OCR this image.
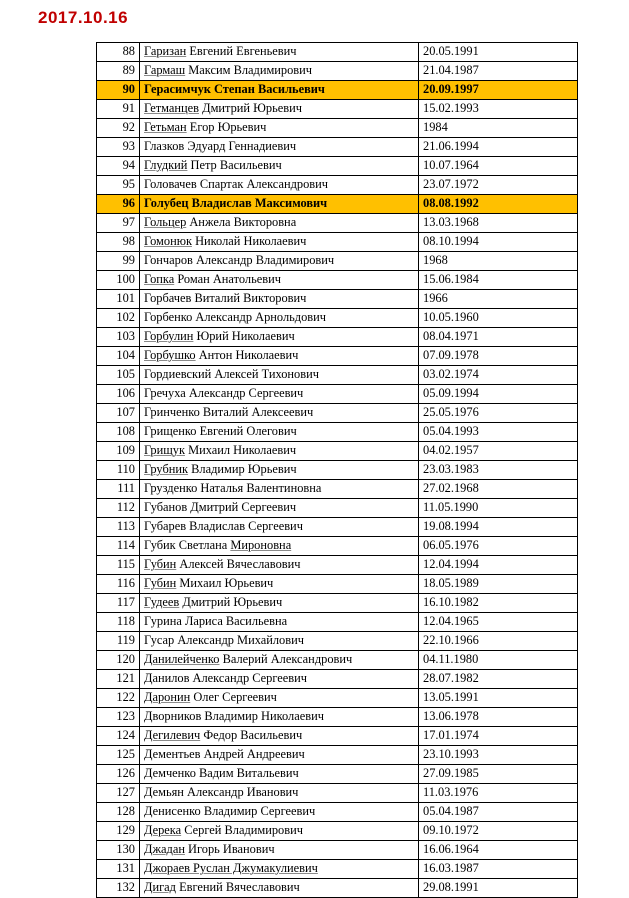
2017.10.16
88	Гаризан Евгений Евгеньевич	20.05.1991
89	Гармаш Максим Владимирович	21.04.1987
90	Герасимчук Степан Васильевич	20.09.1997
91	Гетманцев Дмитрий Юрьевич	15.02.1993
92	Гетьман Егор Юрьевич	1984
93	Глазков Эдуард Геннадиевич	21.06.1994
94	Глудкий Петр Васильевич	10.07.1964
95	Головачев Спартак Александрович	23.07.1972
96	Голубец Владислав Максимович	08.08.1992
97	Гольцер Анжела Викторовна	13.03.1968
98	Гомонюк Николай Николаевич	08.10.1994
99	Гончаров Александр Владимирович	1968
100	Гопка Роман Анатольевич	15.06.1984
101	Горбачев Виталий Викторович	1966
102	Горбенко Александр Арнольдович	10.05.1960
103	Горбулин Юрий Николаевич	08.04.1971
104	Горбушко Антон Николаевич	07.09.1978
105	Гордиевский Алексей Тихонович	03.02.1974
106	Гречуха Александр Сергеевич	05.09.1994
107	Гринченко Виталий Алексеевич	25.05.1976
108	Грищенко Евгений Олегович	05.04.1993
109	Грищук Михаил Николаевич	04.02.1957
110	Грубник Владимир Юрьевич	23.03.1983
111	Грузденко Наталья Валентиновна	27.02.1968
112	Губанов Дмитрий Сергеевич	11.05.1990
113	Губарев Владислав Сергеевич	19.08.1994
114	Губик Светлана Мироновна	06.05.1976
115	Губин Алексей Вячеславович	12.04.1994
116	Губин Михаил Юрьевич	18.05.1989
117	Гудеев Дмитрий Юрьевич	16.10.1982
118	Гурина Лариса Васильевна	12.04.1965
119	Гусар Александр Михайлович	22.10.1966
120	Данилейченко Валерий Александрович	04.11.1980
121	Данилов Александр Сергеевич	28.07.1982
122	Даронин Олег Сергеевич	13.05.1991
123	Дворников Владимир Николаевич	13.06.1978
124	Дегилевич Федор Васильевич	17.01.1974
125	Дементьев Андрей Андреевич	23.10.1993
126	Демченко Вадим Витальевич	27.09.1985
127	Демьян Александр Иванович	11.03.1976
128	Денисенко Владимир Сергеевич	05.04.1987
129	Дерека Сергей Владимирович	09.10.1972
130	Джадан Игорь Иванович	16.06.1964
131	Джораев Руслан Джумакулиевич	16.03.1987
132	Дигад Евгений Вячеславович	29.08.1991
